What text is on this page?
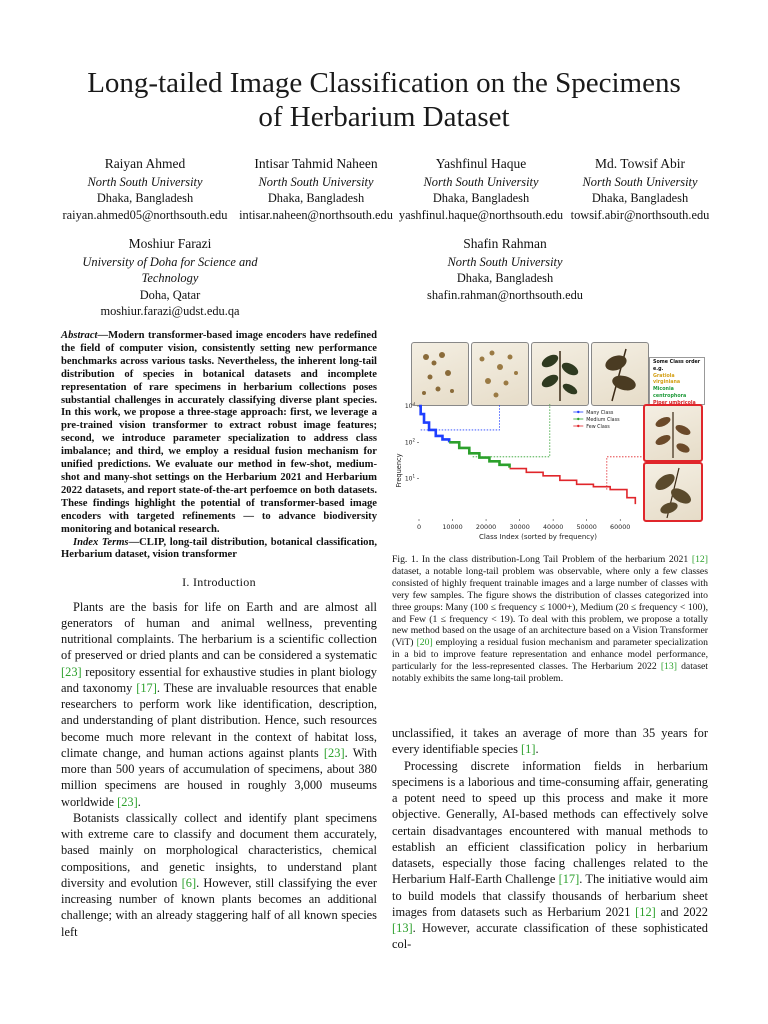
Long-tailed Image Classification on the Specimens
of Herbarium Dataset
Raiyan Ahmed
North South University
Dhaka, Bangladesh
raiyan.ahmed05@northsouth.edu
Intisar Tahmid Naheen
North South University
Dhaka, Bangladesh
intisar.naheen@northsouth.edu
Yashfinul Haque
North South University
Dhaka, Bangladesh
yashfinul.haque@northsouth.edu
Md. Towsif Abir
North South University
Dhaka, Bangladesh
towsif.abir@northsouth.edu
Moshiur Farazi
University of Doha for Science and Technology
Doha, Qatar
moshiur.farazi@udst.edu.qa
Shafin Rahman
North South University
Dhaka, Bangladesh
shafin.rahman@northsouth.edu
Abstract—Modern transformer-based image encoders have redefined the field of computer vision, consistently setting new performance benchmarks across various tasks. Nevertheless, the inherent long-tail distribution of species in botanical datasets and incomplete representation of rare specimens in herbarium collections poses substantial challenges in accurately classifying diverse plant species. In this work, we propose a three-stage approach: first, we leverage a pre-trained vision transformer to extract robust image features; second, we introduce parameter specialization to address class imbalance; and third, we employ a residual fusion mechanism for unified predictions. We evaluate our method in few-shot, medium-shot and many-shot settings on the Herbarium 2021 and Herbarium 2022 datasets, and report state-of-the-art perfoemce on both datasets. These findings highlight the potential of transformer-based image encoders with targeted refinements — to advance biodiversity monitoring and botanical research.
Index Terms—CLIP, long-tail distribution, botanical classification, Herbarium dataset, vision transformer
I. Introduction

Plants are the basis for life on Earth and are almost all generators of human and animal wellness, preventing nutritional complaints. The herbarium is a scientific collection of preserved or dried plants and can be considered a systematic [23] repository essential for exhaustive studies in plant biology and taxonomy [17]. These are invaluable resources that enable researchers to perform work like identification, description, and understanding of plant distribution. Hence, such resources become much more relevant in the context of habitat loss, climate change, and human actions against plants [23]. With more than 500 years of accumulation of specimens, about 380 million specimens are housed in roughly 3,000 museums worldwide [23].

Botanists classically collect and identify plant specimens with extreme care to classify and document them accurately, based mainly on morphological characteristics, chemical compositions, and genetic insights, to understand plant diversity and evolution [6]. However, still classifying the ever increasing number of known plants becomes an additional challenge; with an already staggering half of all known species left

Some Class order e.g.
Gratiola virginiana
Miconia centrophora
$10^1$
$10^2$
$10^3$
0	10000 20000 30000 40000 50000 60000
Class Index (sorted by frequency)
Frequency
Many Class
Medium Class
Few Class
Fig. 1. In the class distribution-Long Tail Problem of the herbarium 2021 [12] dataset, a notable long-tail problem was observable, where only a few classes consisted of highly frequent trainable images and a large number of classes with very few samples. The figure shows the distribution of classes categorized into three groups: Many (100 ≤ frequency ≤ 1000+), Medium (20 ≤ frequency < 100), and Few (1 ≤ frequency < 19). To deal with this problem, we propose a totally new method based on the usage of an architecture based on a Vision Transformer (ViT) [20] employing a residual fusion mechanism and parameter specialization in a bid to improve feature representation and enhance model performance, particularly for the less-represented classes. The Herbarium 2022 [13] dataset notably exhibits the same long-tail problem.

unclassified, it takes an average of more than 35 years for every identifiable species [1].

Processing discrete information fields in herbarium specimens is a laborious and time-consuming affair, generating a potent need to speed up this process and make it more objective. Generally, AI-based methods can effectively solve certain disadvantages encountered with manual methods to establish an efficient classification policy in herbarium datasets, especially those facing challenges related to the Herbarium Half-Earth Challenge [17]. The initiative would aim to build models that classify thousands of herbarium sheet images from datasets such as Herbarium 2021 [12] and 2022 [13]. However, accurate classification of these sophisticated col-
